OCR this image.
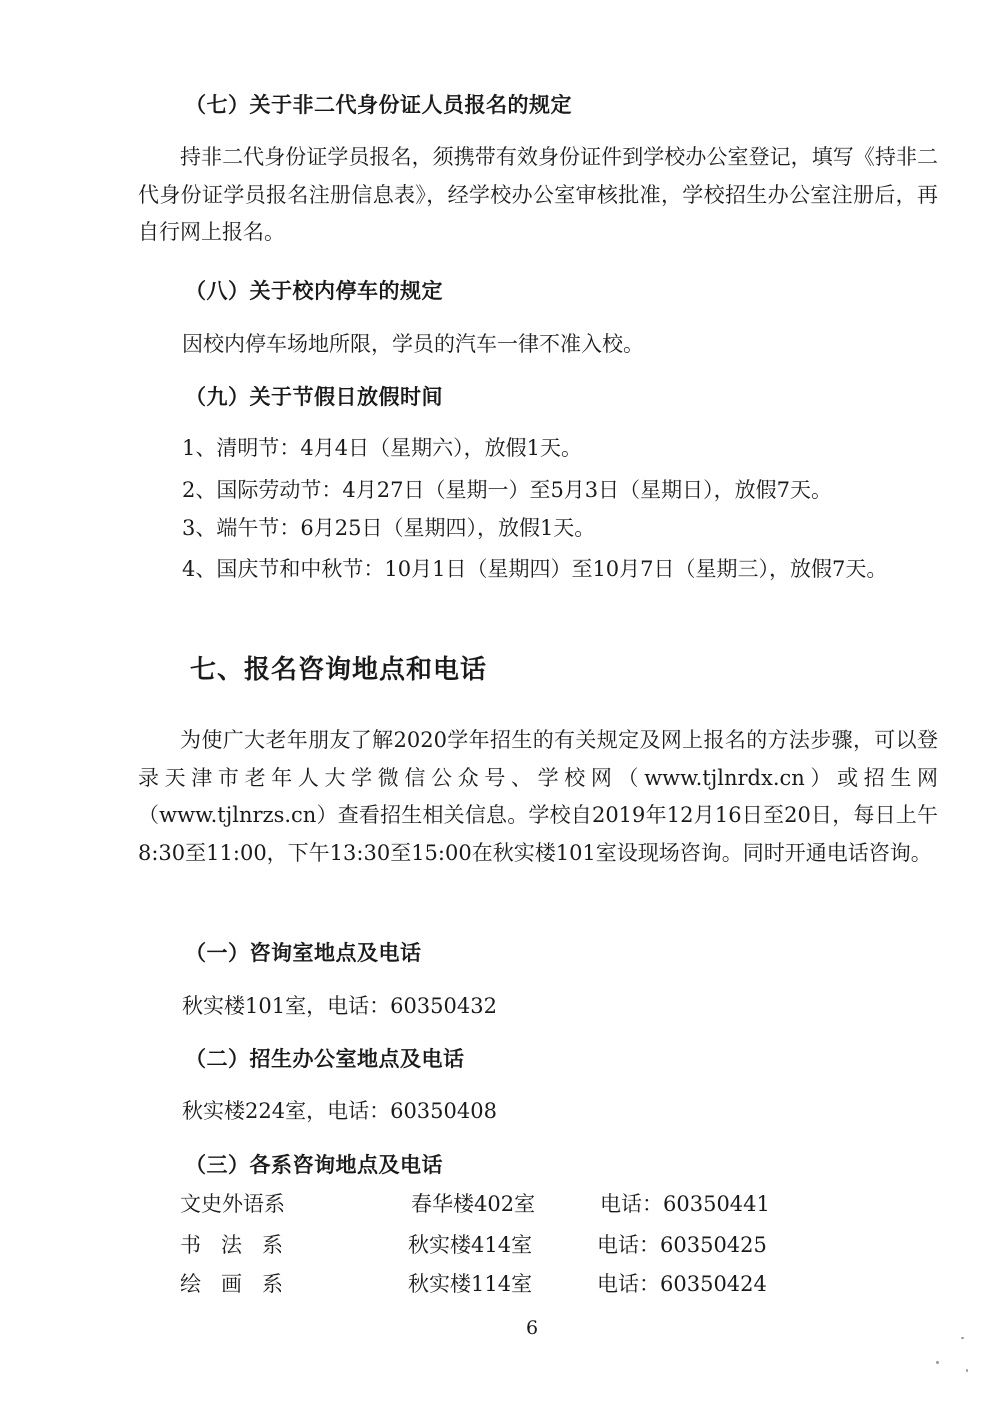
（七）关于非二代身份证人员报名的规定
持非二代身份证学员报名，须携带有效身份证件到学校办公室登记，填写《持非二代身份证学员报名注册信息表》，经学校办公室审核批准，学校招生办公室注册后，再自行网上报名。
（八）关于校内停车的规定
因校内停车场地所限，学员的汽车一律不准入校。
（九）关于节假日放假时间
1、清明节：4月4日（星期六），放假1天。
2、国际劳动节：4月27日（星期一）至5月3日（星期日），放假7天。
3、端午节：6月25日（星期四），放假1天。
4、国庆节和中秋节：10月1日（星期四）至10月7日（星期三），放假7天。
七、报名咨询地点和电话
为使广大老年朋友了解2020学年招生的有关规定及网上报名的方法步骤，可以登录天津市老年人大学微信公众号、学校网（www.tjlnrdx.cn）或招生网（www.tjlnrzs.cn）查看招生相关信息。学校自2019年12月16日至20日，每日上午8:30至11:00，下午13:30至15:00在秋实楼101室设现场咨询。同时开通电话咨询。
（一）咨询室地点及电话
秋实楼101室，电话：60350432
（二）招生办公室地点及电话
秋实楼224室，电话：60350408
（三）各系咨询地点及电话
文史外语系	春华楼402室	电话：60350441
书法系	秋实楼414室	电话：60350425
绘画系	秋实楼114室	电话：60350424
6
